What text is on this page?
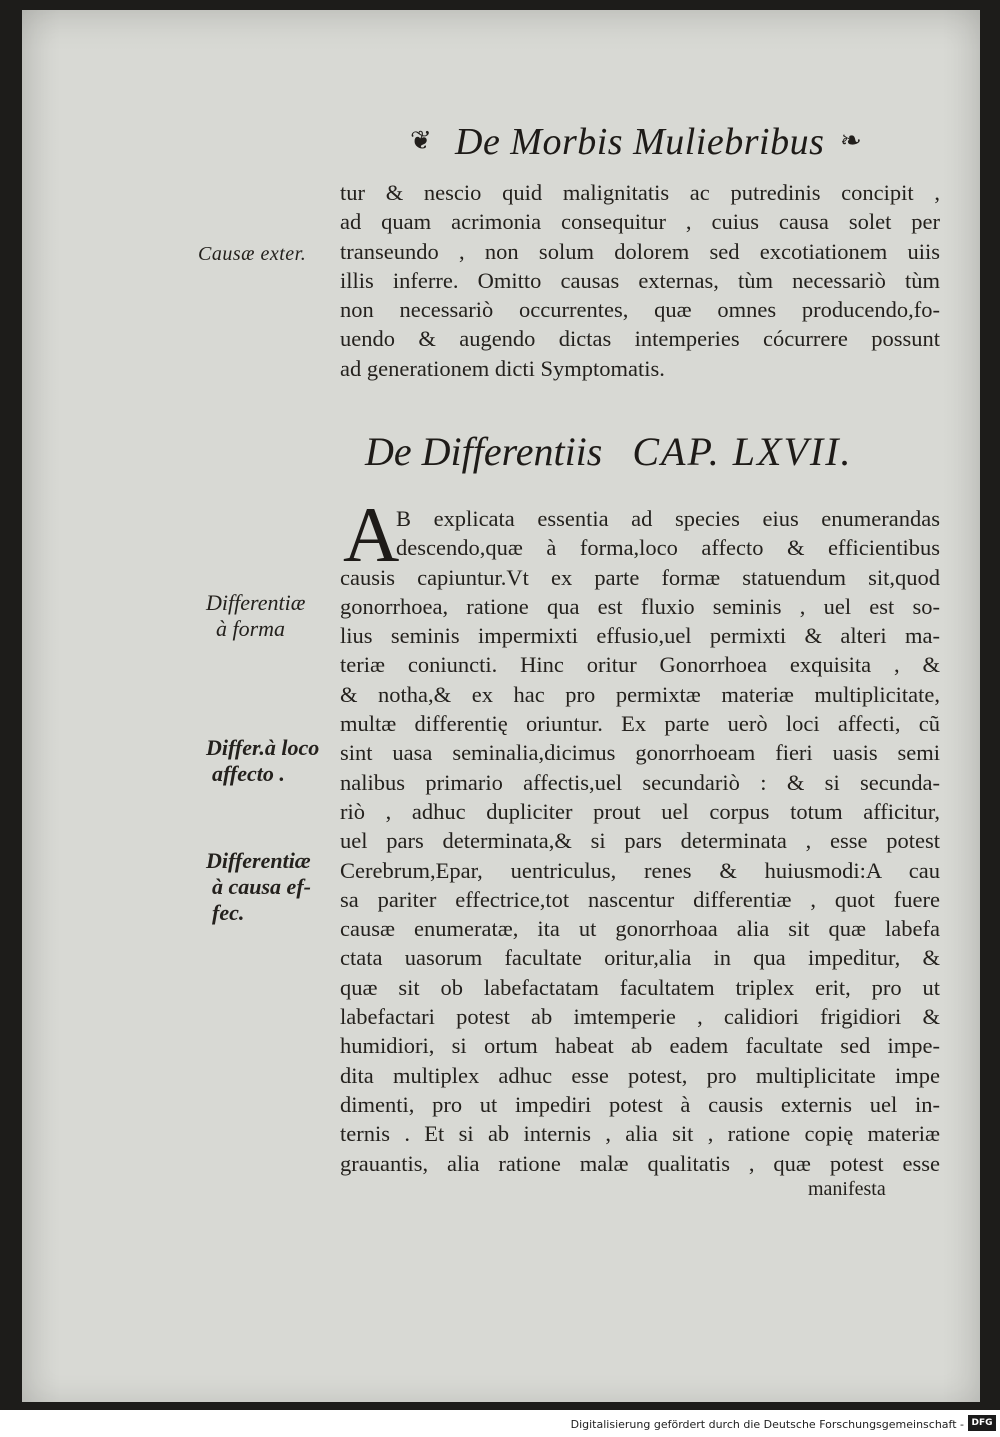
❦ De Morbis Muliebribus ❧
tur & nescio quid malignitatis ac putredinis concipit ,
ad quam acrimonia consequitur , cuius causa solet per
transeundo , non solum dolorem sed excotiationem uiis
illis inferre. Omitto causas externas, tùm necessariò tùm
non necessariò occurrentes, quæ omnes producendo,fo-
uendo & augendo dictas intemperies cócurrere possunt
ad generationem dicti Symptomatis.
De Differentiis CAP. LXVII.
A
B explicata essentia ad species eius enumerandas
descendo,quæ à forma,loco affecto & efficientibus
causis capiuntur.Vt ex parte formæ statuendum sit,quod
gonorrhoea, ratione qua est fluxio seminis , uel est so-
lius seminis impermixti effusio,uel permixti & alteri ma-
teriæ coniuncti. Hinc oritur Gonorrhoea exquisita , &
& notha,& ex hac pro permixtæ materiæ multiplicitate,
multæ differentię oriuntur. Ex parte uerò loci affecti, cũ
sint uasa seminalia,dicimus gonorrhoeam fieri uasis semi
nalibus primario affectis,uel secundariò : & si secunda-
riò , adhuc dupliciter prout uel corpus totum afficitur,
uel pars determinata,& si pars determinata , esse potest
Cerebrum,Epar, uentriculus, renes & huiusmodi:A cau
sa pariter effectrice,tot nascentur differentiæ , quot fuere
causæ enumeratæ, ita ut gonorrhoaa alia sit quæ labefa
ctata uasorum facultate oritur,alia in qua impeditur, &
quæ sit ob labefactatam facultatem triplex erit, pro ut
labefactari potest ab imtemperie , calidiori frigidiori &
humidiori, si ortum habeat ab eadem facultate sed impe-
dita multiplex adhuc esse potest, pro multiplicitate impe
dimenti, pro ut impediri potest à causis externis uel in-
ternis . Et si ab internis , alia sit , ratione copię materiæ
grauantis, alia ratione malæ qualitatis , quæ potest esse
Causæ exter.
Differentiæ
à forma
Differ.à loco
affecto .
Differentiæ
à causa ef-
fec.
manifesta
Digitalisierung gefördert durch die Deutsche Forschungsgemeinschaft - DFG
